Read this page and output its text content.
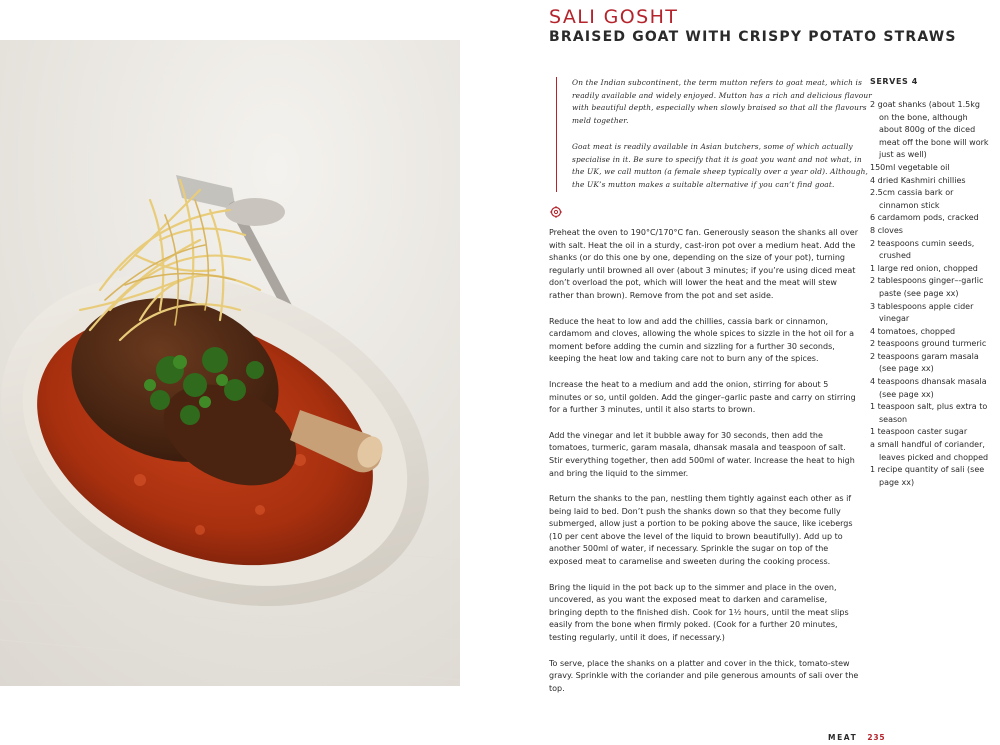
SALI GOSHT
BRAISED GOAT WITH CRISPY POTATO STRAWS

On the Indian subcontinent, the term mutton refers to goat meat, which is readily available and widely enjoyed. Mutton has a rich and delicious flavour with beautiful depth, especially when slowly braised so that all the flavours meld together.

Goat meat is readily available in Asian butchers, some of which actually specialise in it. Be sure to specify that it is goat you want and not what, in the UK, we call mutton (a female sheep typically over a year old). Although, the UK’s mutton makes a suitable alternative if you can’t find goat.

Preheat the oven to 190°C/170°C fan. Generously season the shanks all over with salt. Heat the oil in a sturdy, cast-iron pot over a medium heat. Add the shanks (or do this one by one, depending on the size of your pot), turning regularly until browned all over (about 3 minutes; if you’re using diced meat don’t overload the pot, which will lower the heat and the meat will stew rather than brown). Remove from the pot and set aside.

Reduce the heat to low and add the chillies, cassia bark or cinnamon, cardamom and cloves, allowing the whole spices to sizzle in the hot oil for a moment before adding the cumin and sizzling for a further 30 seconds, keeping the heat low and taking care not to burn any of the spices.

Increase the heat to a medium and add the onion, stirring for about 5 minutes or so, until golden. Add the ginger–garlic paste and carry on stirring for a further 3 minutes, until it also starts to brown.

Add the vinegar and let it bubble away for 30 seconds, then add the tomatoes, turmeric, garam masala, dhansak masala and teaspoon of salt. Stir everything together, then add 500ml of water. Increase the heat to high and bring the liquid to the simmer.

Return the shanks to the pan, nestling them tightly against each other as if being laid to bed. Don’t push the shanks down so that they become fully submerged, allow just a portion to be poking above the sauce, like icebergs (10 per cent above the level of the liquid to brown beautifully). Add up to another 500ml of water, if necessary. Sprinkle the sugar on top of the exposed meat to caramelise and sweeten during the cooking process.

Bring the liquid in the pot back up to the simmer and place in the oven, uncovered, as you want the exposed meat to darken and caramelise, bringing depth to the finished dish. Cook for 1½ hours, until the meat slips easily from the bone when firmly poked. (Cook for a further 20 minutes, testing regularly, until it does, if necessary.)

To serve, place the shanks on a platter and cover in the thick, tomato-stew gravy. Sprinkle with the coriander and pile generous amounts of sali over the top.

SERVES 4
2 goat shanks (about 1.5kg on the bone, although about 800g of the diced meat off the bone will work just as well)
150ml vegetable oil
4 dried Kashmiri chillies
2.5cm cassia bark or cinnamon stick
6 cardamom pods, cracked
8 cloves
2 teaspoons cumin seeds, crushed
1 large red onion, chopped
2 tablespoons ginger–-garlic paste (see page xx)
3 tablespoons apple cider vinegar
4 tomatoes, chopped
2 teaspoons ground turmeric
2 teaspoons garam masala (see page xx)
4 teaspoons dhansak masala (see page xx)
1 teaspoon salt, plus extra to season
1 teaspoon caster sugar
a small handful of coriander, leaves picked and chopped
1 recipe quantity of sali (see page xx)
MEAT 235
